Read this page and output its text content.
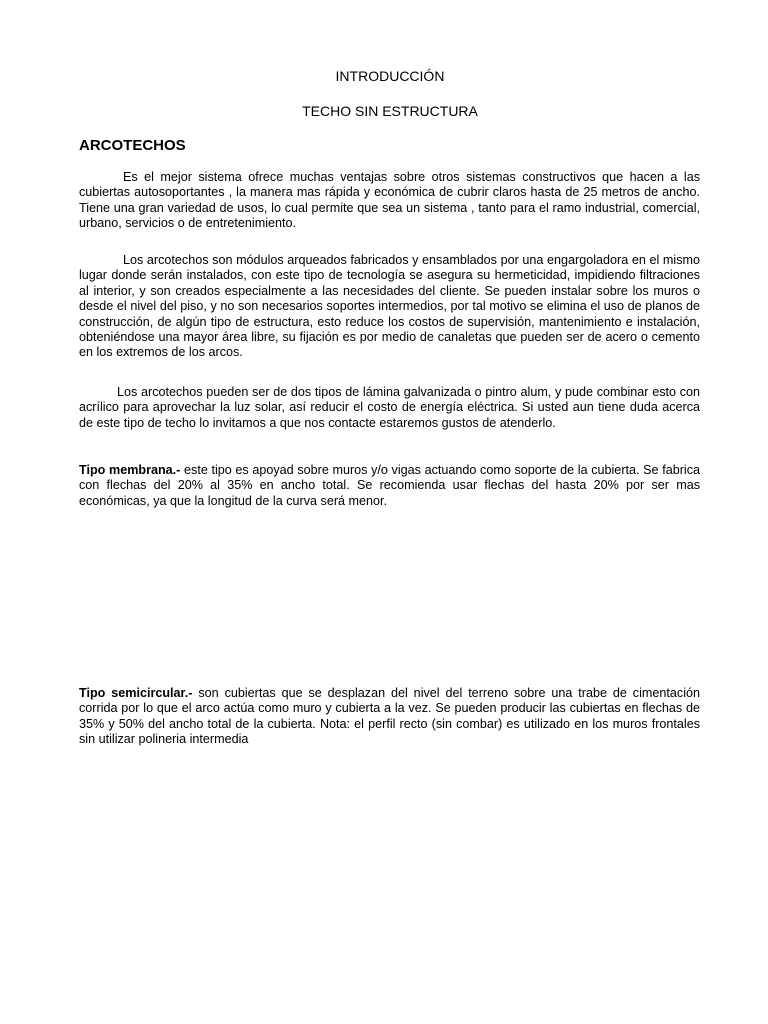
INTRODUCCIÓN
TECHO SIN ESTRUCTURA
ARCOTECHOS

Es el mejor sistema ofrece muchas ventajas sobre otros sistemas constructivos que hacen a las cubiertas autosoportantes , la manera mas rápida y económica de cubrir claros hasta de 25 metros de ancho. Tiene una gran variedad de usos, lo cual permite que sea un sistema , tanto para el ramo industrial, comercial, urbano, servicios o de entretenimiento.

Los arcotechos son módulos arqueados fabricados y ensamblados por una engargoladora en el mismo lugar donde serán instalados, con este tipo de tecnología se asegura su hermeticidad, impidiendo filtraciones al interior, y son creados especialmente a las necesidades del cliente. Se pueden instalar sobre los muros o desde el nivel del piso, y no son necesarios soportes intermedios, por tal motivo se elimina el uso de planos de construcción, de algún tipo de estructura, esto reduce los costos de supervisión, mantenimiento e instalación, obteniéndose una mayor área libre, su fijación es por medio de canaletas que pueden ser de acero o cemento en los extremos de los arcos.

Los arcotechos pueden ser de dos tipos de lámina galvanizada o pintro alum, y pude combinar esto con acrílico para aprovechar la luz solar, así reducir el costo de energía eléctrica. Si usted aun tiene duda acerca de este tipo de techo lo invitamos a que nos contacte estaremos gustos de atenderlo.

Tipo membrana.- este tipo es apoyad sobre muros y/o vigas actuando como soporte de la cubierta. Se fabrica con flechas del 20% al 35% en ancho total. Se recomienda usar flechas del hasta 20% por ser mas económicas, ya que la longitud de la curva será menor.

Tipo semicircular.- son cubiertas que se desplazan del nivel del terreno sobre una trabe de cimentación corrida por lo que el arco actúa como muro y cubierta a la vez. Se pueden producir las cubiertas en flechas de 35% y 50% del ancho total de la cubierta. Nota: el perfil recto (sin combar) es utilizado en los muros frontales sin utilizar polineria intermedia
